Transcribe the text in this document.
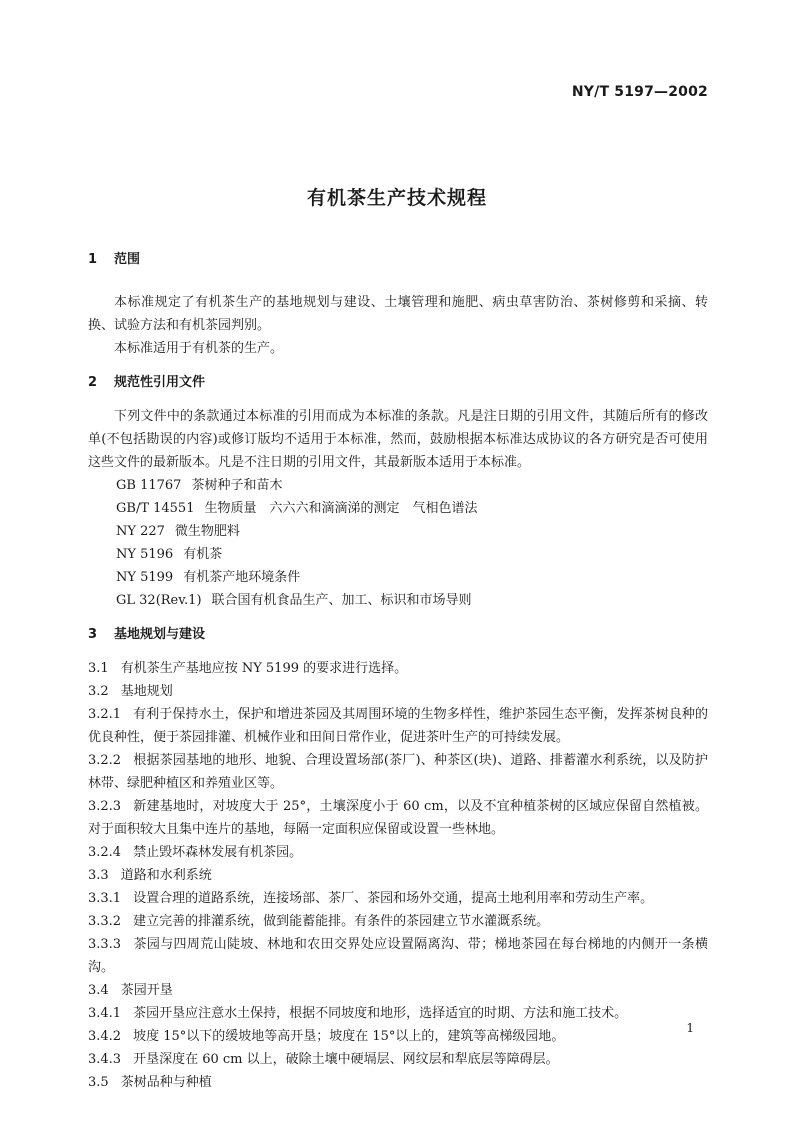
NY/T 5197—2002
有机茶生产技术规程
1 范围

本标准规定了有机茶生产的基地规划与建设、土壤管理和施肥、病虫草害防治、茶树修剪和采摘、转换、试验方法和有机茶园判别。

本标准适用于有机茶的生产。

2 规范性引用文件

下列文件中的条款通过本标准的引用而成为本标准的条款。凡是注日期的引用文件，其随后所有的修改单(不包括勘误的内容)或修订版均不适用于本标准，然而，鼓励根据本标准达成协议的各方研究是否可使用这些文件的最新版本。凡是不注日期的引用文件，其最新版本适用于本标准。

GB 11767 茶树种子和苗木
GB/T 14551 生物质量　六六六和滴滴涕的测定　气相色谱法
NY 227 微生物肥料
NY 5196 有机茶
NY 5199 有机茶产地环境条件
GL 32(Rev.1) 联合国有机食品生产、加工、标识和市场导则
3 基地规划与建设

3.1 有机茶生产基地应按 NY 5199 的要求进行选择。

3.2 基地规划

3.2.1 有利于保持水土，保护和增进茶园及其周围环境的生物多样性，维护茶园生态平衡，发挥茶树良种的优良种性，便于茶园排灌、机械作业和田间日常作业，促进茶叶生产的可持续发展。

3.2.2 根据茶园基地的地形、地貌、合理设置场部(茶厂)、种茶区(块)、道路、排蓄灌水利系统，以及防护林带、绿肥种植区和养殖业区等。

3.2.3 新建基地时，对坡度大于 25°，土壤深度小于 60 cm，以及不宜种植茶树的区域应保留自然植被。对于面积较大且集中连片的基地，每隔一定面积应保留或设置一些林地。

3.2.4 禁止毁坏森林发展有机茶园。

3.3 道路和水利系统

3.3.1 设置合理的道路系统，连接场部、茶厂、茶园和场外交通，提高土地利用率和劳动生产率。

3.3.2 建立完善的排灌系统，做到能蓄能排。有条件的茶园建立节水灌溉系统。

3.3.3 茶园与四周荒山陡坡、林地和农田交界处应设置隔离沟、带；梯地茶园在每台梯地的内侧开一条横沟。

3.4 茶园开垦

3.4.1 茶园开垦应注意水土保持，根据不同坡度和地形，选择适宜的时期、方法和施工技术。

3.4.2 坡度 15°以下的缓坡地等高开垦；坡度在 15°以上的，建筑等高梯级园地。

3.4.3 开垦深度在 60 cm 以上，破除土壤中硬塥层、网纹层和犁底层等障碍层。

3.5 茶树品种与种植

1
